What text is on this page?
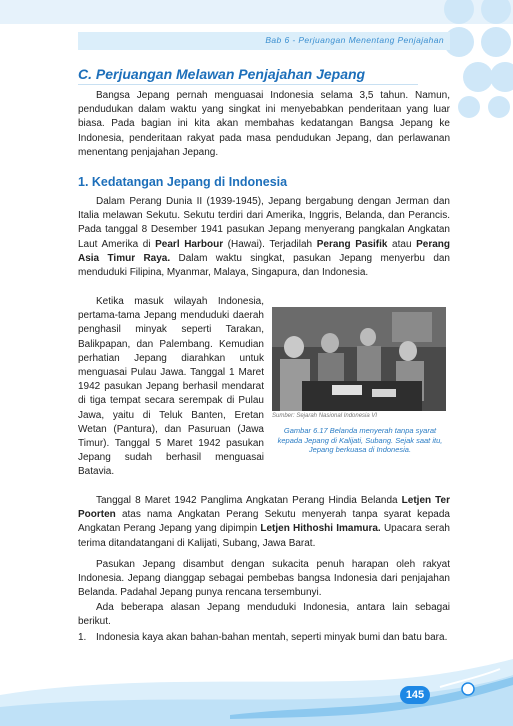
Bab 6 - Perjuangan Menentang Penjajahan
C. Perjuangan Melawan Penjajahan Jepang

Bangsa Jepang pernah menguasai Indonesia selama 3,5 tahun. Namun, pendudukan dalam waktu yang singkat ini menyebabkan penderitaan yang luar biasa. Pada bagian ini kita akan membahas kedatangan Bangsa Jepang ke Indonesia, penderitaan rakyat pada masa pendudukan Jepang, dan perlawanan menentang penjajahan Jepang.

1. Kedatangan Jepang di Indonesia

Dalam Perang Dunia II (1939-1945), Jepang bergabung dengan Jerman dan Italia melawan Sekutu. Sekutu terdiri dari Amerika, Inggris, Belanda, dan Perancis. Pada tanggal 8 Desember 1941 pasukan Jepang menyerang pangkalan Angkatan Laut Amerika di Pearl Harbour (Hawai). Terjadilah Perang Pasifik atau Perang Asia Timur Raya. Dalam waktu singkat, pasukan Jepang menyerbu dan menduduki Filipina, Myanmar, Malaya, Singapura, dan Indonesia.

Ketika masuk wilayah Indonesia, pertama-tama Jepang menduduki daerah penghasil minyak seperti Tarakan, Balikpapan, dan Palembang. Kemudian perhatian Jepang diarahkan untuk menguasai Pulau Jawa. Tanggal 1 Maret 1942 pasukan Jepang berhasil mendarat di tiga tempat secara serempak di Pulau Jawa, yaitu di Teluk Banten, Eretan Wetan (Pantura), dan Pasuruan (Jawa Timur). Tanggal 5 Maret 1942 pasukan Jepang sudah berhasil menguasai Batavia.

Sumber: Sejarah Nasional Indonesia VI

Gambar 6.17 Belanda menyerah tanpa syarat kepada Jepang di Kalijati, Subang. Sejak saat itu, Jepang berkuasa di Indonesia.

Tanggal 8 Maret 1942 Panglima Angkatan Perang Hindia Belanda Letjen Ter Poorten atas nama Angkatan Perang Sekutu menyerah tanpa syarat kepada Angkatan Perang Jepang yang dipimpin Letjen Hithoshi Imamura. Upacara serah terima ditandatangani di Kalijati, Subang, Jawa Barat.

Pasukan Jepang disambut dengan sukacita penuh harapan oleh rakyat Indonesia. Jepang dianggap sebagai pembebas bangsa Indonesia dari penjajahan Belanda. Padahal Jepang punya rencana tersembunyi.

Ada beberapa alasan Jepang menduduki Indonesia, antara lain sebagai berikut.

1. Indonesia kaya akan bahan-bahan mentah, seperti minyak bumi dan batu bara.
145
